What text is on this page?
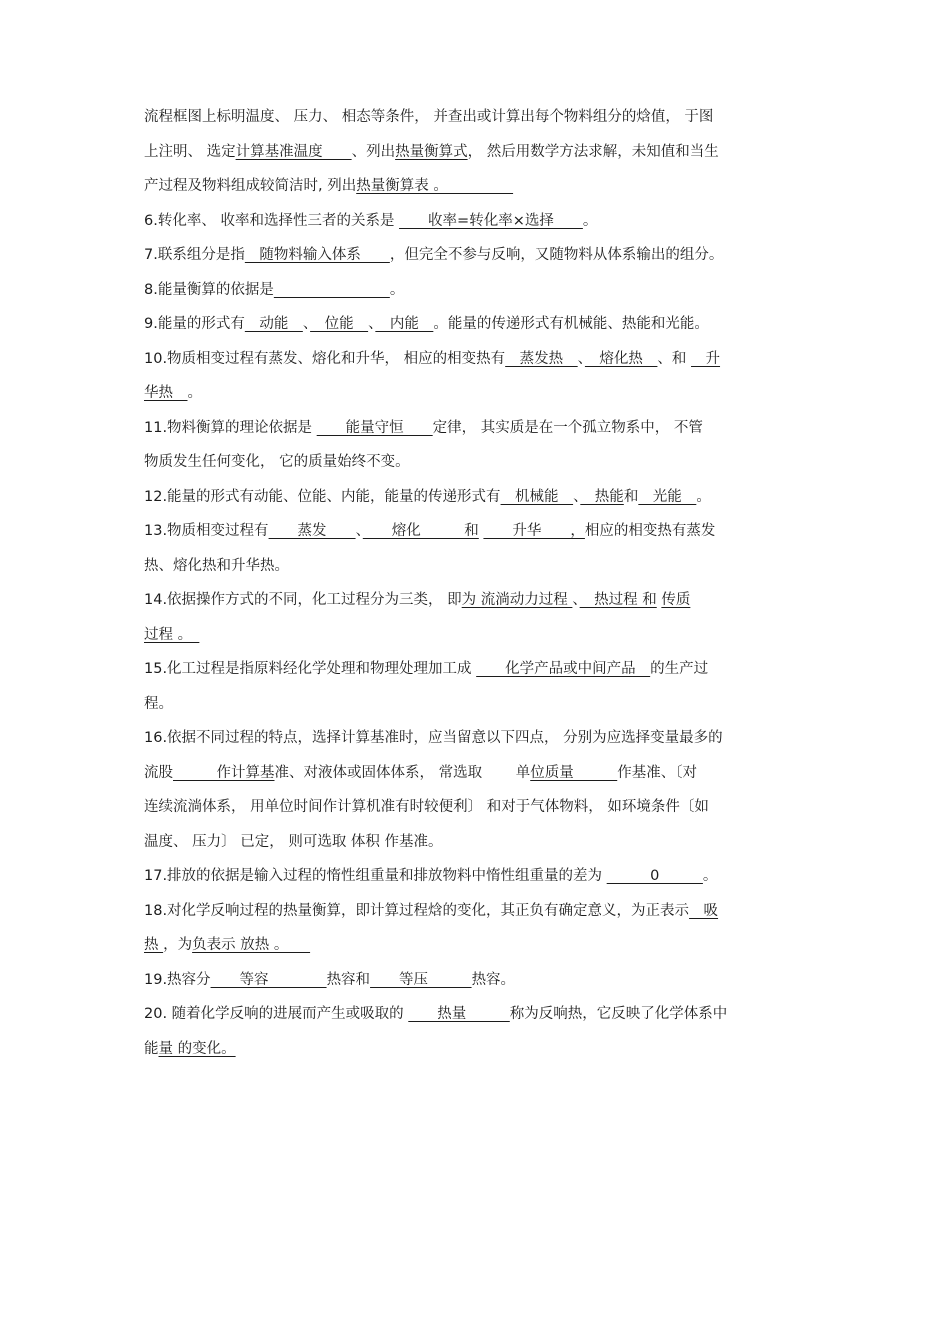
流程框图上标明温度、 压力、 相态等条件， 并查出或计算出每个物料组分的焓值， 于图
上注明、 选定计算基准温度　　、列出热量衡算式， 然后用数学方法求解，未知值和当生
产过程及物料组成较简洁时, 列出热量衡算表 。　　　　　
6.转化率、 收率和选择性三者的关系是 　　收率=转化率×选择　　。
7.联系组分是指　随物料输入体系　　，但完全不参与反响，又随物料从体系输出的组分。
8.能量衡算的依据是　　　　　　　　	。
9.能量的形式有　动能　、　位能　、　内能　。能量的传递形式有机械能、热能和光能。
10.物质相变过程有蒸发、熔化和升华， 相应的相变热有　蒸发热　、　熔化热　、和 　升
华热　。
11.物料衡算的理论依据是 　　能量守恒　　定律， 其实质是在一个孤立物系中， 不管
物质发生任何变化， 它的质量始终不变。
12.能量的形式有动能、位能、内能，能量的传递形式有　机械能　、　热能和　光能　。
13.物质相变过程有　　蒸发　　、　　熔化　　　和 　　升华　　，相应的相变热有蒸发
热、熔化热和升华热。
14.依据操作方式的不同，化工过程分为三类， 即为 流淌动力过程 、　热过程 和 传质
过程 。　
15.化工过程是指原料经化学处理和物理处理加工成 　　化学产品或中间产品　的生产过
程。
16.依据不同过程的特点，选择计算基准时，应当留意以下四点， 分别为应选择变量最多的
流股　　　作计算基准、对液体或固体体系， 常选取 　　单位质量　　　作基准、〔对
连续流淌体系， 用单位时间作计算机准有时较便利〕 和对于气体物料， 如环境条件〔如
温度、 压力〕 已定， 则可选取 体积 作基准。
17.排放的依据是输入过程的惰性组重量和排放物料中惰性组重量的差为 　　　0　　　。
18.对化学反响过程的热量衡算，即计算过程焓的变化，其正负有确定意义，为正表示　吸
热 ，为负表示 放热 。　　
19.热容分　　等容　　　　热容和　　等压　　　热容。
20. 随着化学反响的进展而产生或吸取的 　　热量　　　称为反响热，它反映了化学体系中
能量 的变化。
